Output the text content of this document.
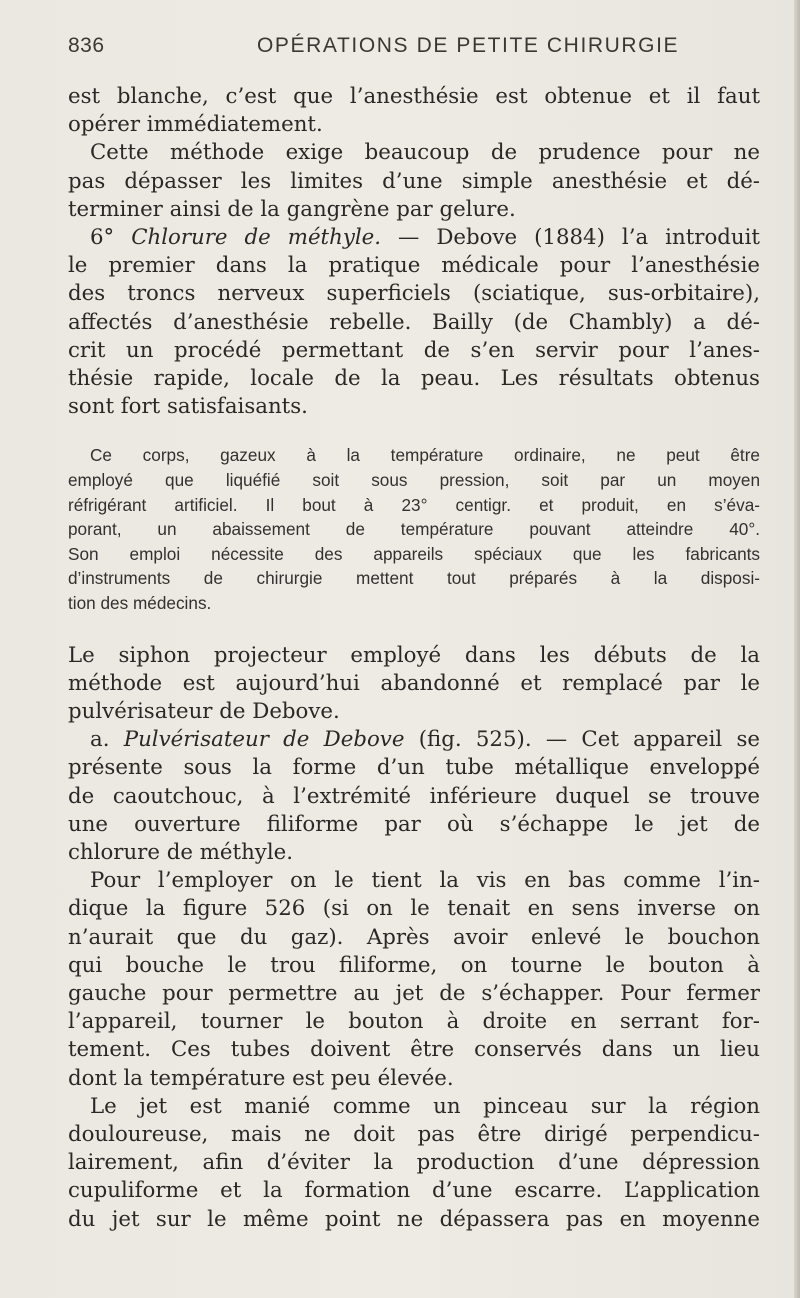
836	OPÉRATIONS DE PETITE CHIRURGIE

est blanche, c’est que l’anesthésie est obtenue et il faut
opérer immédiatement.

Cette méthode exige beaucoup de prudence pour ne
pas dépasser les limites d’une simple anesthésie et dé-
terminer ainsi de la gangrène par gelure.

6° Chlorure de méthyle. — Debove (1884) l’a introduit
le premier dans la pratique médicale pour l’anesthésie
des troncs nerveux superficiels (sciatique, sus-orbitaire),
affectés d’anesthésie rebelle. Bailly (de Chambly) a dé-
crit un procédé permettant de s’en servir pour l’anes-
thésie rapide, locale de la peau. Les résultats obtenus
sont fort satisfaisants.

Ce corps, gazeux à la température ordinaire, ne peut être
employé que liquéfié soit sous pression, soit par un moyen
réfrigérant artificiel. Il bout à 23° centigr. et produit, en s’éva-
porant, un abaissement de température pouvant atteindre 40°.
Son emploi nécessite des appareils spéciaux que les fabricants
d’instruments de chirurgie mettent tout préparés à la disposi-
tion des médecins.

Le siphon projecteur employé dans les débuts de la
méthode est aujourd’hui abandonné et remplacé par le
pulvérisateur de Debove.

a. Pulvérisateur de Debove (fig. 525). — Cet appareil se
présente sous la forme d’un tube métallique enveloppé
de caoutchouc, à l’extrémité inférieure duquel se trouve
une ouverture filiforme par où s’échappe le jet de
chlorure de méthyle.

Pour l’employer on le tient la vis en bas comme l’in-
dique la figure 526 (si on le tenait en sens inverse on
n’aurait que du gaz). Après avoir enlevé le bouchon
qui bouche le trou filiforme, on tourne le bouton à
gauche pour permettre au jet de s’échapper. Pour fermer
l’appareil, tourner le bouton à droite en serrant for-
tement. Ces tubes doivent être conservés dans un lieu
dont la température est peu élevée.

Le jet est manié comme un pinceau sur la région
douloureuse, mais ne doit pas être dirigé perpendicu-
lairement, afin d’éviter la production d’une dépression
cupuliforme et la formation d’une escarre. L’application
du jet sur le même point ne dépassera pas en moyenne
